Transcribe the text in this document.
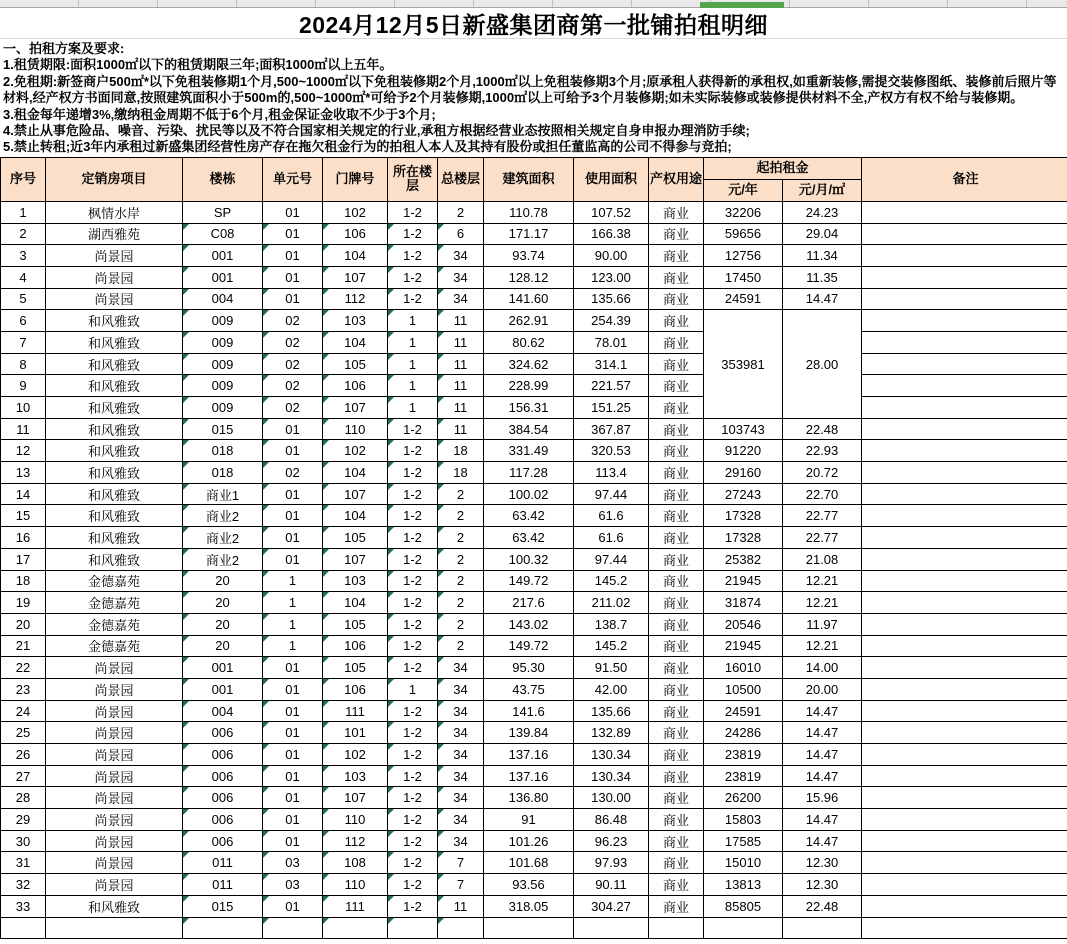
2024月12月5日新盛集团商第一批铺拍租明细

一、拍租方案及要求:

1.租赁期限:面积1000㎡以下的租赁期限三年;面积1000㎡以上五年。

2.免租期:新签商户500㎡*以下免租装修期1个月,500~1000㎡以下免租装修期2个月,1000㎡以上免租装修期3个月;原承租人获得新的承租权,如重新装修,需提交装修图纸、装修前后照片等材料,经产权方书面同意,按照建筑面积小于500m的,500~1000㎡*可给予2个月装修期,1000㎡以上可给予3个月装修期;如未实际装修或装修提供材料不全,产权方有权不给与装修期。

3.租金每年递增3%,缴纳租金周期不低于6个月,租金保证金收取不少于3个月;

4.禁止从事危险品、噪音、污染、扰民等以及不符合国家相关规定的行业,承租方根据经营业态按照相关规定自身申报办理消防手续;

5.禁止转租;近3年内承租过新盛集团经营性房产存在拖欠租金行为的拍租人本人及其持有股份或担任董监高的公司不得参与竞拍;

序号	定销房项目	楼栋	单元号	门牌号	所在楼层	总楼层	建筑面积	使用面积	产权用途	起拍租金		备注
										元/年	元/月/㎡	
1	枫情水岸	SP	01	102	1-2	2	110.78	107.52	商业	32206	24.23	
2	湖西雅苑	C08	01	106	1-2	6	171.17	166.38	商业	59656	29.04	
3	尚景园	001	01	104	1-2	34	93.74	90.00	商业	12756	11.34	
4	尚景园	001	01	107	1-2	34	128.12	123.00	商业	17450	11.35	
5	尚景园	004	01	112	1-2	34	141.60	135.66	商业	24591	14.47	
6	和风雅致	009	02	103	1	11	262.91	254.39	商业	353981	28.00	
7	和风雅致	009	02	104	1	11	80.62	78.01	商业			
8	和风雅致	009	02	105	1	11	324.62	314.1	商业			
9	和风雅致	009	02	106	1	11	228.99	221.57	商业			
10	和风雅致	009	02	107	1	11	156.31	151.25	商业			
11	和风雅致	015	01	110	1-2	11	384.54	367.87	商业	103743	22.48	
12	和风雅致	018	01	102	1-2	18	331.49	320.53	商业	91220	22.93	
13	和风雅致	018	02	104	1-2	18	117.28	113.4	商业	29160	20.72	
14	和风雅致	商业1	01	107	1-2	2	100.02	97.44	商业	27243	22.70	
15	和风雅致	商业2	01	104	1-2	2	63.42	61.6	商业	17328	22.77	
16	和风雅致	商业2	01	105	1-2	2	63.42	61.6	商业	17328	22.77	
17	和风雅致	商业2	01	107	1-2	2	100.32	97.44	商业	25382	21.08	
18	金德嘉苑	20	1	103	1-2	2	149.72	145.2	商业	21945	12.21	
19	金德嘉苑	20	1	104	1-2	2	217.6	211.02	商业	31874	12.21	
20	金德嘉苑	20	1	105	1-2	2	143.02	138.7	商业	20546	11.97	
21	金德嘉苑	20	1	106	1-2	2	149.72	145.2	商业	21945	12.21	
22	尚景园	001	01	105	1-2	34	95.30	91.50	商业	16010	14.00	
23	尚景园	001	01	106	1	34	43.75	42.00	商业	10500	20.00	
24	尚景园	004	01	111	1-2	34	141.6	135.66	商业	24591	14.47	
25	尚景园	006	01	101	1-2	34	139.84	132.89	商业	24286	14.47	
26	尚景园	006	01	102	1-2	34	137.16	130.34	商业	23819	14.47	
27	尚景园	006	01	103	1-2	34	137.16	130.34	商业	23819	14.47	
28	尚景园	006	01	107	1-2	34	136.80	130.00	商业	26200	15.96	
29	尚景园	006	01	110	1-2	34	91	86.48	商业	15803	14.47	
30	尚景园	006	01	112	1-2	34	101.26	96.23	商业	17585	14.47	
31	尚景园	011	03	108	1-2	7	101.68	97.93	商业	15010	12.30	
32	尚景园	011	03	110	1-2	7	93.56	90.11	商业	13813	12.30	
33	和风雅致	015	01	111	1-2	11	318.05	304.27	商业	85805	22.48	
